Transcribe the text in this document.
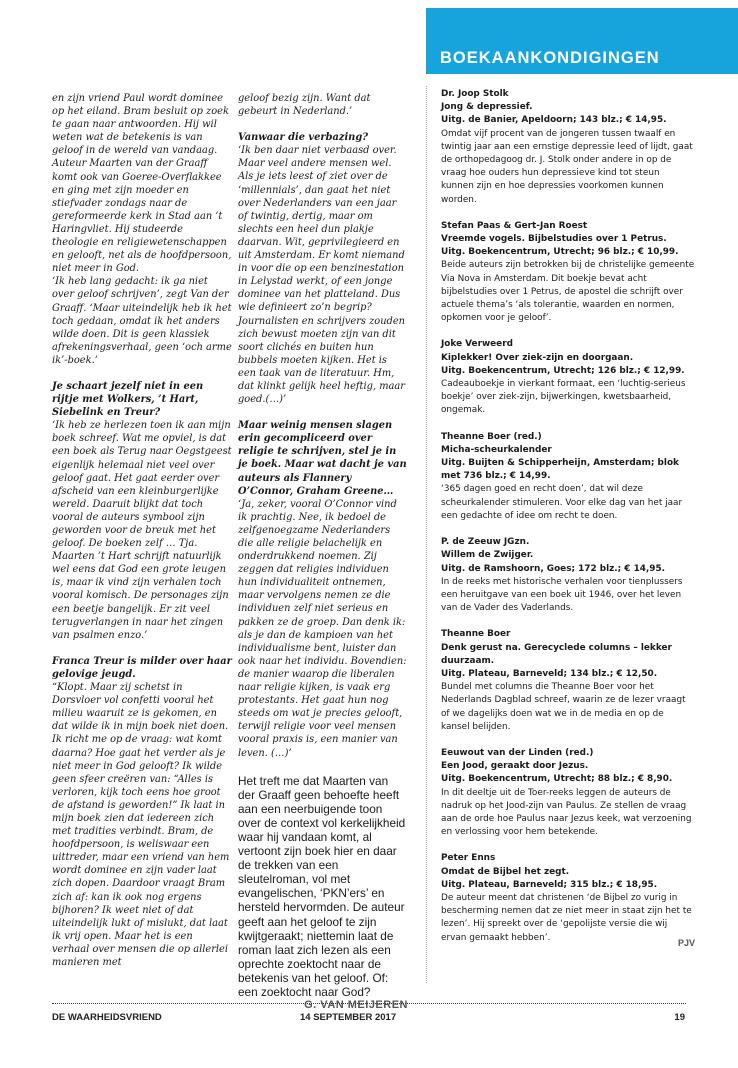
en zijn vriend Paul wordt dominee op het eiland. Bram besluit op zoek te gaan naar antwoorden. Hij wil weten wat de betekenis is van geloof in de wereld van vandaag.

Auteur Maarten van der Graaff komt ook van Goeree-Overflakkee en ging met zijn moeder en stiefvader zondags naar de gereformeerde kerk in Stad aan ’t Haringvliet. Hij studeerde theologie en religiewetenschappen en gelooft, net als de hoofdpersoon, niet meer in God.

‘Ik heb lang gedacht: ik ga niet over geloof schrijven’, zegt Van der Graaff. ‘Maar uiteindelijk heb ik het toch gedaan, omdat ik het anders wilde doen. Dit is geen klassiek afrekeningsverhaal, geen ‘och arme ik’-boek.’

Je schaart jezelf niet in een rijtje met Wolkers, ’t Hart, Siebelink en Treur?

‘Ik heb ze herlezen toen ik aan mijn boek schreef. Wat me opviel, is dat een boek als Terug naar Oegstgeest eigenlijk helemaal niet veel over geloof gaat. Het gaat eerder over afscheid van een kleinburgerlijke wereld. Daaruit blijkt dat toch vooral de auteurs symbool zijn geworden voor de breuk met het geloof. De boeken zelf … Tja. Maarten ’t Hart schrijft natuurlijk wel eens dat God een grote leugen is, maar ik vind zijn verhalen toch vooral komisch. De personages zijn een beetje bangelijk. Er zit veel terugverlangen in naar het zingen van psalmen enzo.’

Franca Treur is milder over haar gelovige jeugd.

“Klopt. Maar zij schetst in Dorsvloer vol confetti vooral het milieu waaruit ze is gekomen, en dat wilde ik in mijn boek niet doen. Ik richt me op de vraag: wat komt daarna? Hoe gaat het verder als je niet meer in God gelooft? Ik wilde geen sfeer creëren van: “Alles is verloren, kijk toch eens hoe groot de afstand is geworden!” Ik laat in mijn boek zien dat iedereen zich met tradities verbindt. Bram, de hoofdpersoon, is weliswaar een uittreder, maar een vriend van hem wordt dominee en zijn vader laat zich dopen. Daardoor vraagt Bram zich af: kan ik ook nog ergens bijhoren? Ik weet niet of dat uiteindelijk lukt of mislukt, dat laat ik vrij open. Maar het is een verhaal over mensen die op allerlei manieren met

geloof bezig zijn. Want dat gebeurt in Nederland.’

Vanwaar die verbazing?

‘Ik ben daar niet verbaasd over. Maar veel andere mensen wel. Als je iets leest of ziet over de ‘millennials’, dan gaat het niet over Nederlanders van een jaar of twintig, dertig, maar om slechts een heel dun plakje daarvan. Wit, geprivilegieerd en uit Amsterdam. Er komt niemand in voor die op een benzinestation in Lelystad werkt, of een jonge dominee van het platteland. Dus wie definieert zo’n begrip? Journalisten en schrijvers zouden zich bewust moeten zijn van dit soort clichés en buiten hun bubbels moeten kijken. Het is een taak van de literatuur. Hm, dat klinkt gelijk heel heftig, maar goed.(…)’

Maar weinig mensen slagen erin gecompliceerd over religie te schrijven, stel je in je boek. Maar wat dacht je van auteurs als Flannery O’Connor, Graham Greene…

‘Ja, zeker, vooral O’Connor vind ik prachtig. Nee, ik bedoel de zelfgenoegzame Nederlanders die alle religie belachelijk en onderdrukkend noemen. Zij zeggen dat religies individuen hun individualiteit ontnemen, maar vervolgens nemen ze die individuen zelf niet serieus en pakken ze de groep. Dan denk ik: als je dan de kampioen van het individualisme bent, luister dan ook naar het individu. Bovendien: de manier waarop die liberalen naar religie kijken, is vaak erg protestants. Het gaat hun nog steeds om wat je precies gelooft, terwijl religie voor veel mensen vooral praxis is, een manier van leven. (…)’

Het treft me dat Maarten van der Graaff geen behoefte heeft aan een neerbuigende toon over de context vol kerkelijkheid waar hij vandaan komt, al vertoont zijn boek hier en daar de trekken van een sleutelroman, vol met evangelischen, ‘PKN’ers’ en hersteld hervormden. De auteur geeft aan het geloof te zijn kwijtgeraakt; niettemin laat de roman laat zich lezen als een oprechte zoektocht naar de betekenis van het geloof. Of: een zoektocht naar God?

G. VAN MEIJEREN

BOEKAANKONDIGINGEN
Dr. Joop Stolk
Jong & depressief.
Uitg. de Banier, Apeldoorn; 143 blz.; € 14,95.
Omdat vijf procent van de jongeren tussen twaalf en twintig jaar aan een ernstige depressie leed of lijdt, gaat de orthopedagoog dr. J. Stolk onder andere in op de vraag hoe ouders hun depressieve kind tot steun kunnen zijn en hoe depressies voorkomen kunnen worden.
Stefan Paas & Gert-Jan Roest
Vreemde vogels. Bijbelstudies over 1 Petrus.
Uitg. Boekencentrum, Utrecht; 96 blz.; € 10,99.
Beide auteurs zijn betrokken bij de christelijke gemeente Via Nova in Amsterdam. Dit boekje bevat acht bijbelstudies over 1 Petrus, de apostel die schrijft over actuele thema’s ‘als tolerantie, waarden en normen, opkomen voor je geloof’.
Joke Verweerd
Kiplekker! Over ziek-zijn en doorgaan.
Uitg. Boekencentrum, Utrecht; 126 blz.; € 12,99.
Cadeauboekje in vierkant formaat, een ‘luchtig-serieus boekje’ over ziek-zijn, bijwerkingen, kwetsbaarheid, ongemak.
Theanne Boer (red.)
Micha-scheurkalender
Uitg. Buijten & Schipperheijn, Amsterdam; blok met 736 blz.; € 14,99.
‘365 dagen goed en recht doen’, dat wil deze scheurkalender stimuleren. Voor elke dag van het jaar een gedachte of idee om recht te doen.
P. de Zeeuw JGzn.
Willem de Zwijger.
Uitg. de Ramshoorn, Goes; 172 blz.; € 14,95.
In de reeks met historische verhalen voor tienplussers een heruitgave van een boek uit 1946, over het leven van de Vader des Vaderlands.
Theanne Boer
Denk gerust na. Gerecyclede columns – lekker duurzaam.
Uitg. Plateau, Barneveld; 134 blz.; € 12,50.
Bundel met columns die Theanne Boer voor het Nederlands Dagblad schreef, waarin ze de lezer vraagt of we dagelijks doen wat we in de media en op de kansel belijden.
Eeuwout van der Linden (red.)
Een Jood, geraakt door Jezus.
Uitg. Boekencentrum, Utrecht; 88 blz.; € 8,90.
In dit deeltje uit de Toer-reeks leggen de auteurs de nadruk op het Jood-zijn van Paulus. Ze stellen de vraag aan de orde hoe Paulus naar Jezus keek, wat verzoening en verlossing voor hem betekende.
Peter Enns
Omdat de Bijbel het zegt.
Uitg. Plateau, Barneveld; 315 blz.; € 18,95.
De auteur meent dat christenen ‘de Bijbel zo vurig in bescherming nemen dat ze niet meer in staat zijn het te lezen’. Hij spreekt over de ‘gepolijste versie die wij ervan gemaakt hebben’.
PJV
DE WAARHEIDSVRIEND	14 SEPTEMBER 2017	19
